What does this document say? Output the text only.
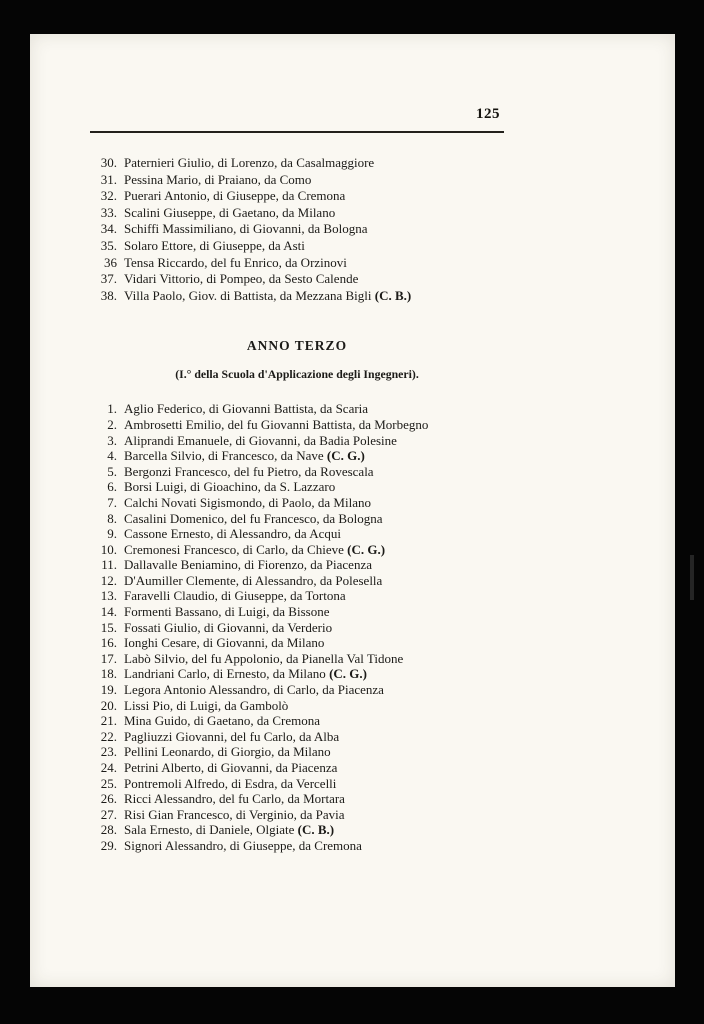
125
30. Paternieri Giulio, di Lorenzo, da Casalmaggiore
31. Pessina Mario, di Praiano, da Como
32. Puerari Antonio, di Giuseppe, da Cremona
33. Scalini Giuseppe, di Gaetano, da Milano
34. Schiffi Massimiliano, di Giovanni, da Bologna
35. Solaro Ettore, di Giuseppe, da Asti
36 Tensa Riccardo, del fu Enrico, da Orzinovi
37. Vidari Vittorio, di Pompeo, da Sesto Calende
38. Villa Paolo, Giov. di Battista, da Mezzana Bigli (C. B.)
ANNO TERZO
(I.° della Scuola d'Applicazione degli Ingegneri).
1. Aglio Federico, di Giovanni Battista, da Scaria
2. Ambrosetti Emilio, del fu Giovanni Battista, da Morbegno
3. Aliprandi Emanuele, di Giovanni, da Badia Polesine
4. Barcella Silvio, di Francesco, da Nave (C. G.)
5. Bergonzi Francesco, del fu Pietro, da Rovescala
6. Borsi Luigi, di Gioachino, da S. Lazzaro
7. Calchi Novati Sigismondo, di Paolo, da Milano
8. Casalini Domenico, del fu Francesco, da Bologna
9. Cassone Ernesto, di Alessandro, da Acqui
10. Cremonesi Francesco, di Carlo, da Chieve (C. G.)
11. Dallavalle Beniamino, di Fiorenzo, da Piacenza
12. D'Aumiller Clemente, di Alessandro, da Polesella
13. Faravelli Claudio, di Giuseppe, da Tortona
14. Formenti Bassano, di Luigi, da Bissone
15. Fossati Giulio, di Giovanni, da Verderio
16. Ionghi Cesare, di Giovanni, da Milano
17. Labò Silvio, del fu Appolonio, da Pianella Val Tidone
18. Landriani Carlo, di Ernesto, da Milano (C. G.)
19. Legora Antonio Alessandro, di Carlo, da Piacenza
20. Lissi Pio, di Luigi, da Gambolò
21. Mina Guido, di Gaetano, da Cremona
22. Pagliuzzi Giovanni, del fu Carlo, da Alba
23. Pellini Leonardo, di Giorgio, da Milano
24. Petrini Alberto, di Giovanni, da Piacenza
25. Pontremoli Alfredo, di Esdra, da Vercelli
26. Ricci Alessandro, del fu Carlo, da Mortara
27. Risi Gian Francesco, di Verginio, da Pavia
28. Sala Ernesto, di Daniele, Olgiate (C. B.)
29. Signori Alessandro, di Giuseppe, da Cremona
